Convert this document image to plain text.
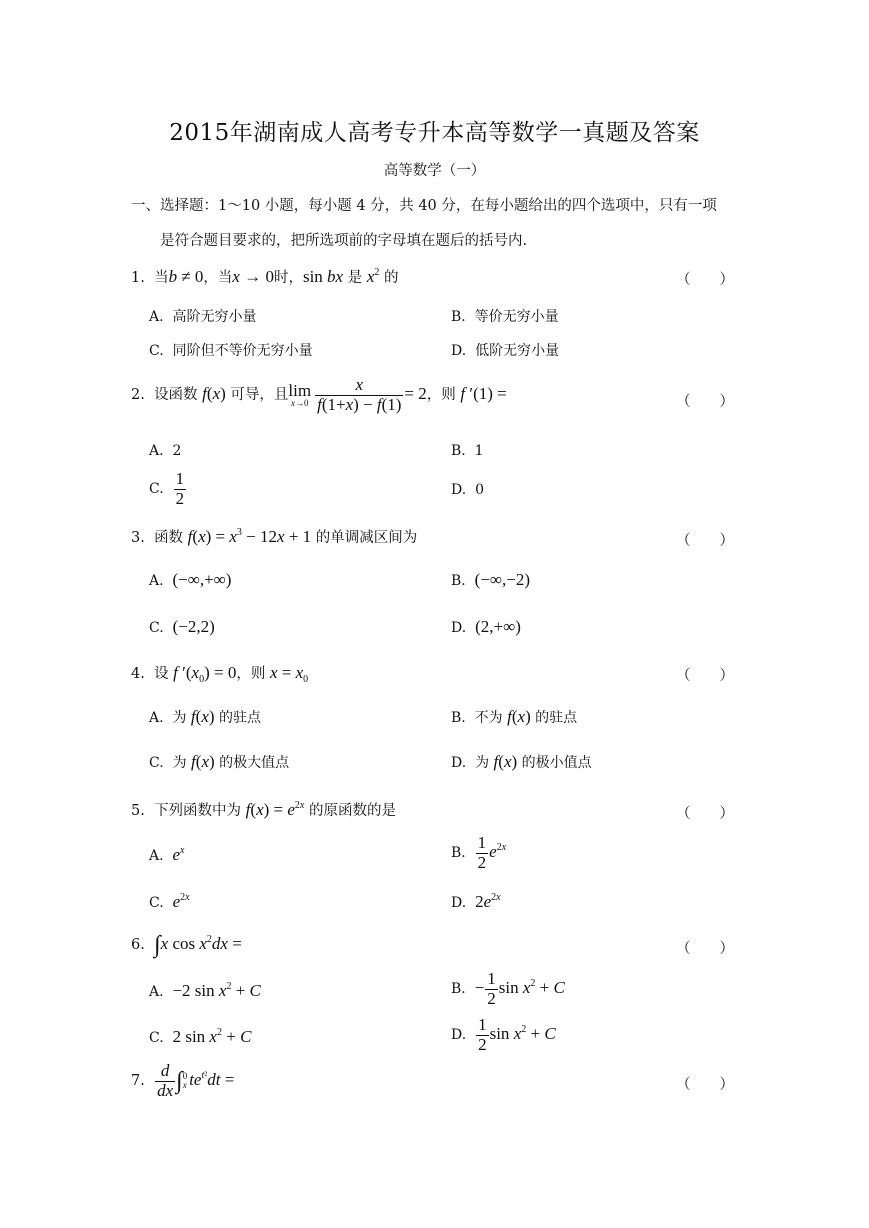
2015年湖南成人高考专升本高等数学一真题及答案
高等数学（一）
一、选择题：1～10 小题，每小题 4 分，共 40 分，在每小题给出的四个选项中，只有一项
是符合题目要求的，把所选项前的字母填在题后的括号内.
1. 当b ≠ 0，当x → 0时，sin bx 是 $x^2$ 的	（　　）
A. 高阶无穷小量	B. 等价无穷小量
C. 同阶但不等价无穷小量	D. 低阶无穷小量
2. 设函数 f(x) 可导，且lim
$x\to 0 \frac{x}{f(1+x) - f(1)} = 2$，则 f ′(1) =	（　　）
A. 2	B. 1
C. $\frac{1}{2}$	D. 0
3. 函数 $f(x) = x^3 - 12x + 1$ 的单调减区间为	（　　）
A. (−∞,+∞)	B. (−∞,−2)
C. (−2,2)	D. (2,+∞)
4. 设 f $'(x_0) = 0$，则 $x = x_0$	（　　）
A.  为 f(x) 的驻点	B.  不为 f(x) 的驻点
C.  为 f(x) 的极大值点	D.  为 f(x) 的极小值点
5. 下列函数中为 $f(x) = e^{2x}$ 的原函数的是	（　　）
A. $e^x$	B. $\frac{1}{2} e^{2x}$
C. $e^{2x}$	D. $2e^{2x}$
6. ∫x $\cos x^2dx$ =	（　　）
A. −2 $\sin x^2 + C$	B. − $\frac{1}{2}$ $\sin x^2 + C$
C. 2 $\sin x^2 + C$	D. $\frac{1}{2}$ $\sin x^2 + C$
7. $\frac{d}{dx}$ ∫ 0
x $te^{t^2}dt$ =	（　　）
